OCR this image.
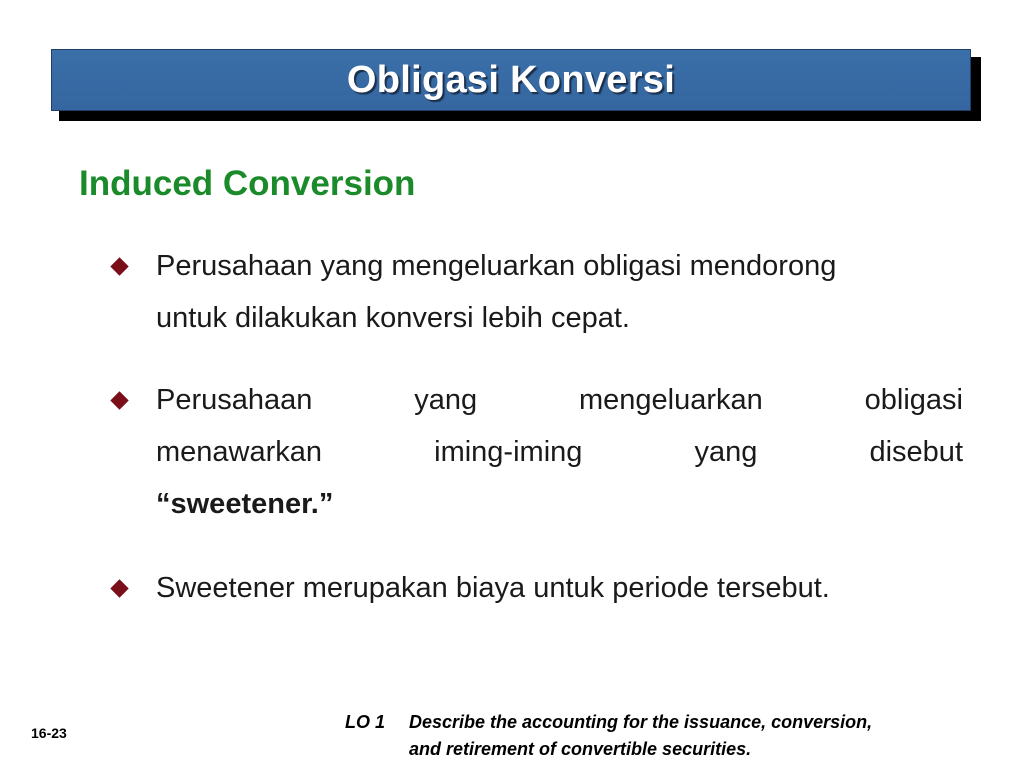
Obligasi Konversi
Induced Conversion
Perusahaan yang mengeluarkan obligasi mendorong
untuk dilakukan konversi lebih cepat.
Perusahaan yang mengeluarkan obligasi
menawarkan iming-iming yang disebut
“sweetener.”
Sweetener merupakan biaya untuk periode tersebut.
16-23
LO 1 Describe the accounting for the issuance, conversion,
and retirement of convertible securities.
